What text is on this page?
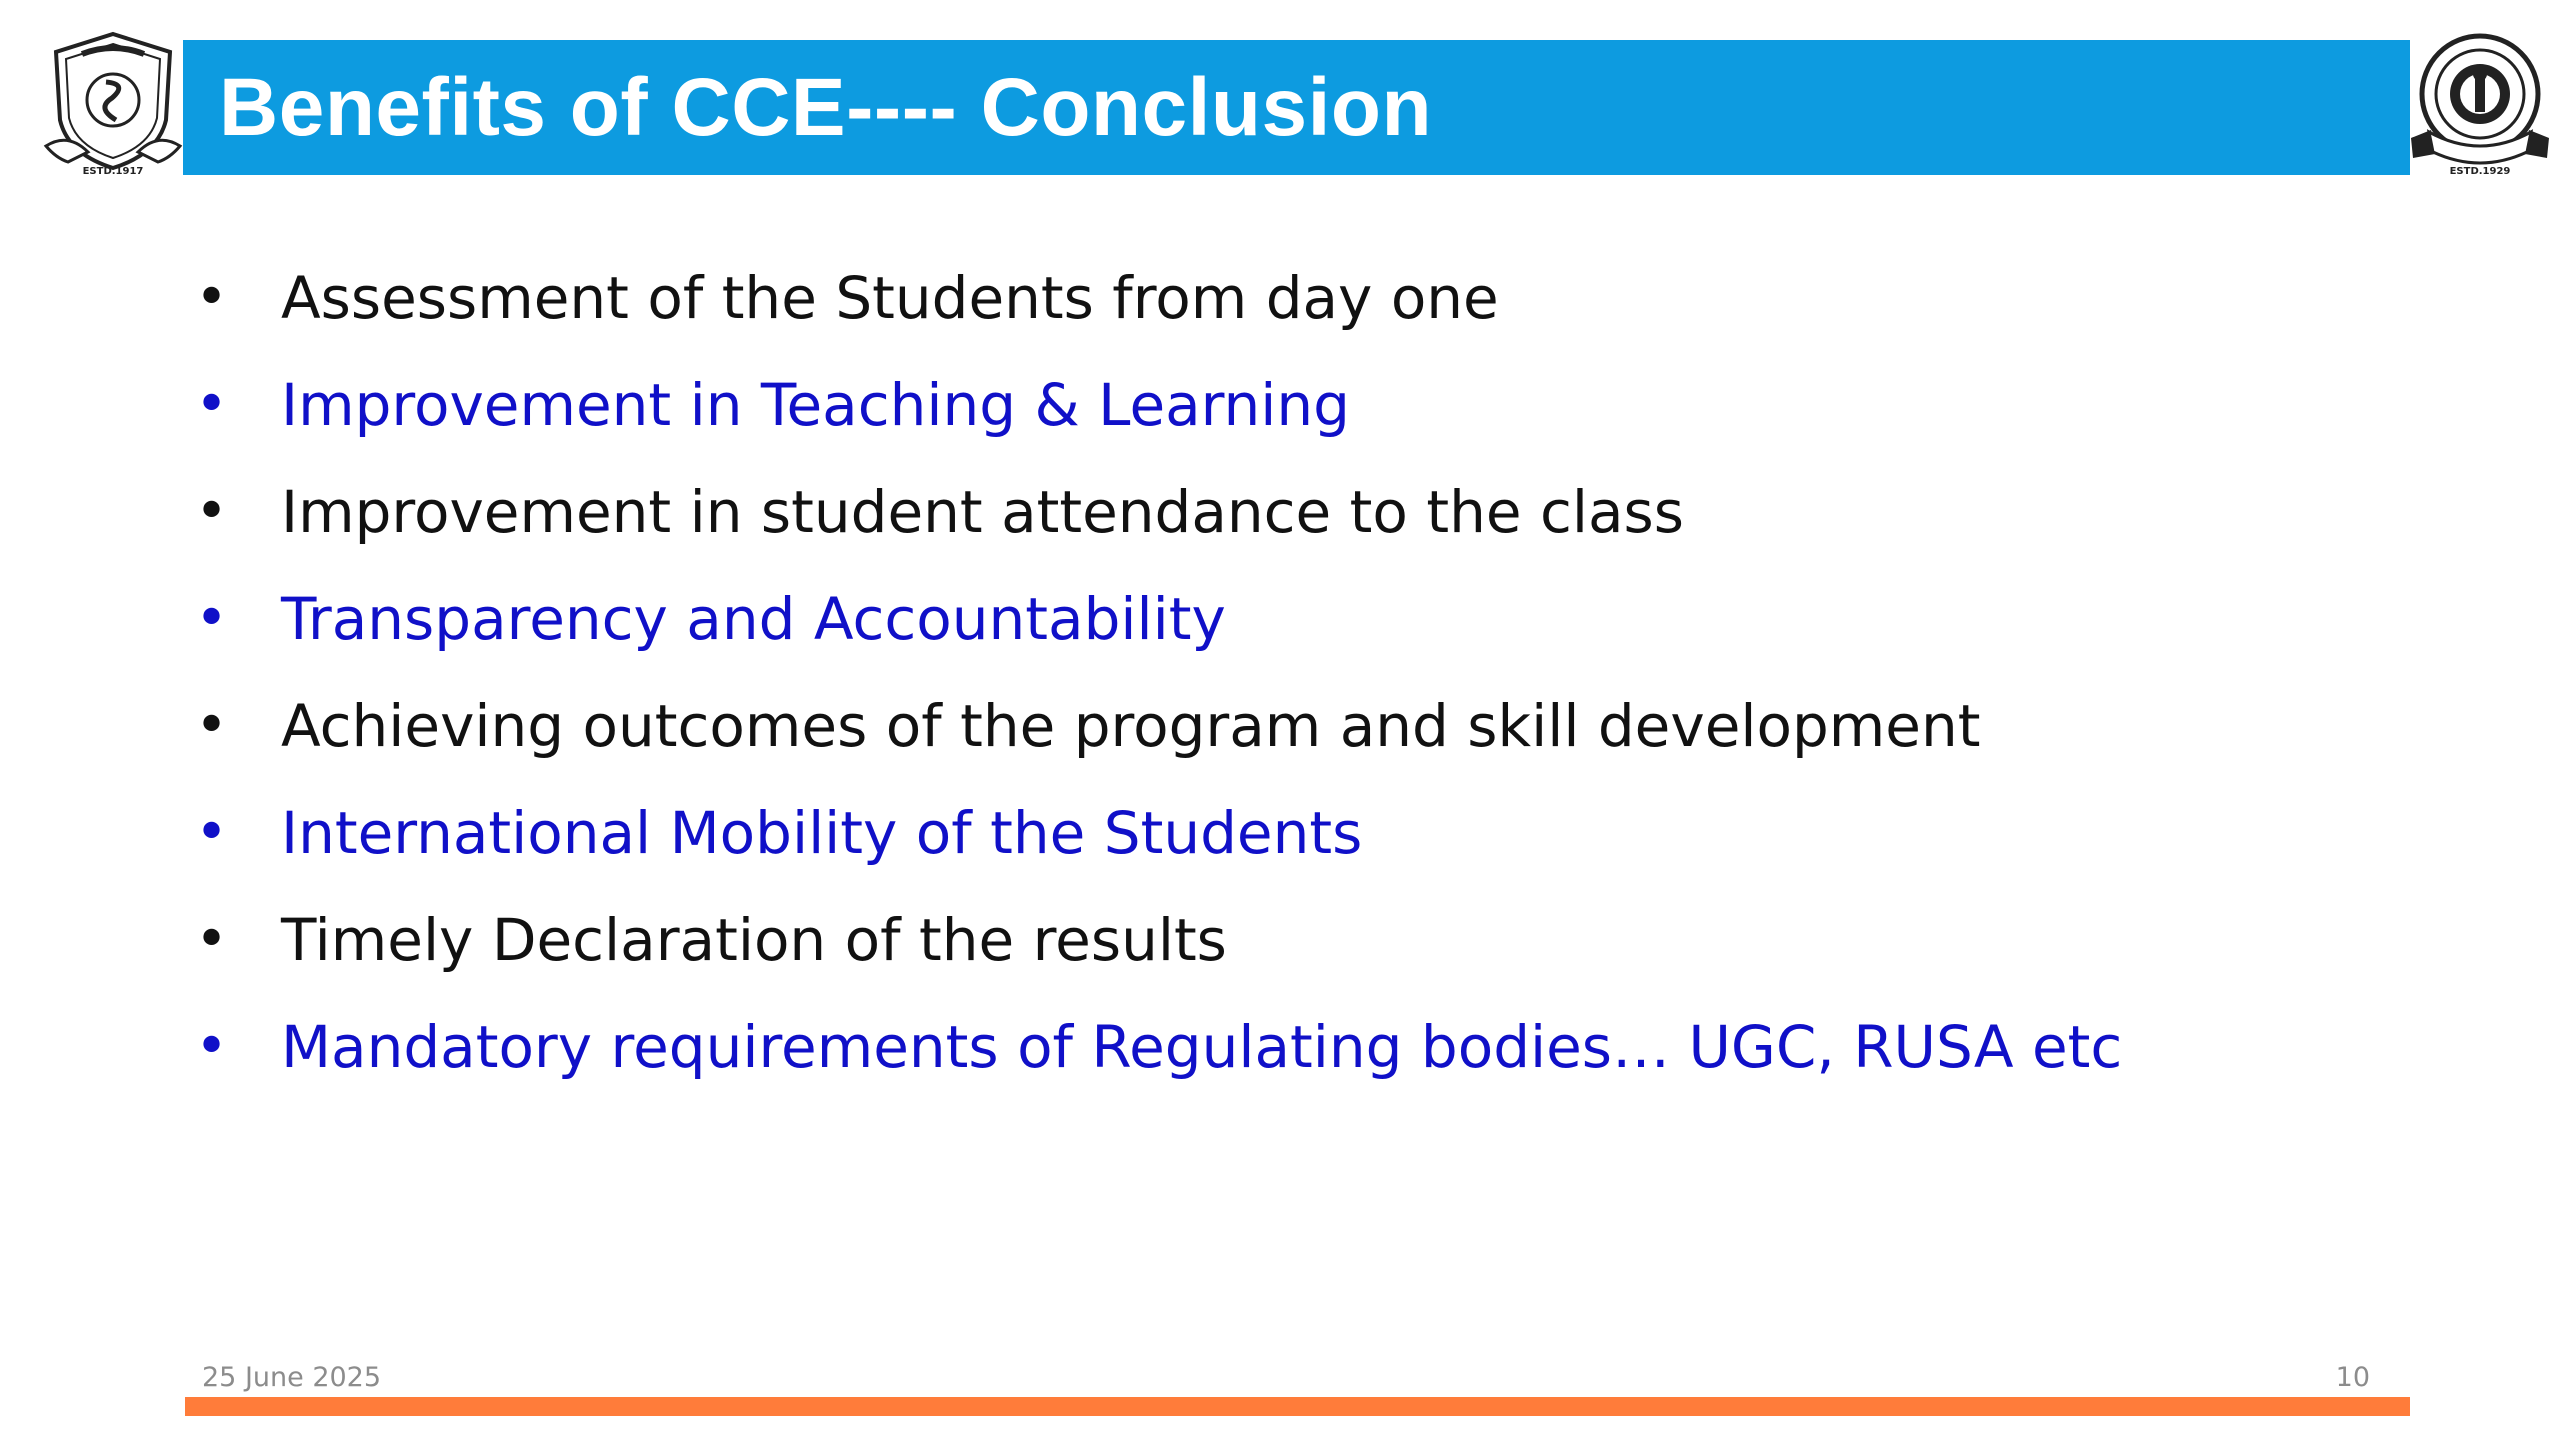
ESTD.1917
Benefits of CCE---- Conclusion
ESTD.1929
• Assessment of the Students from day one
• Improvement in Teaching & Learning
• Improvement in student attendance to the class
• Transparency and Accountability
• Achieving outcomes of the program and skill development
• International Mobility of the Students
• Timely Declaration of the results
• Mandatory requirements of Regulating bodies… UGC, RUSA etc
25 June 2025	10
